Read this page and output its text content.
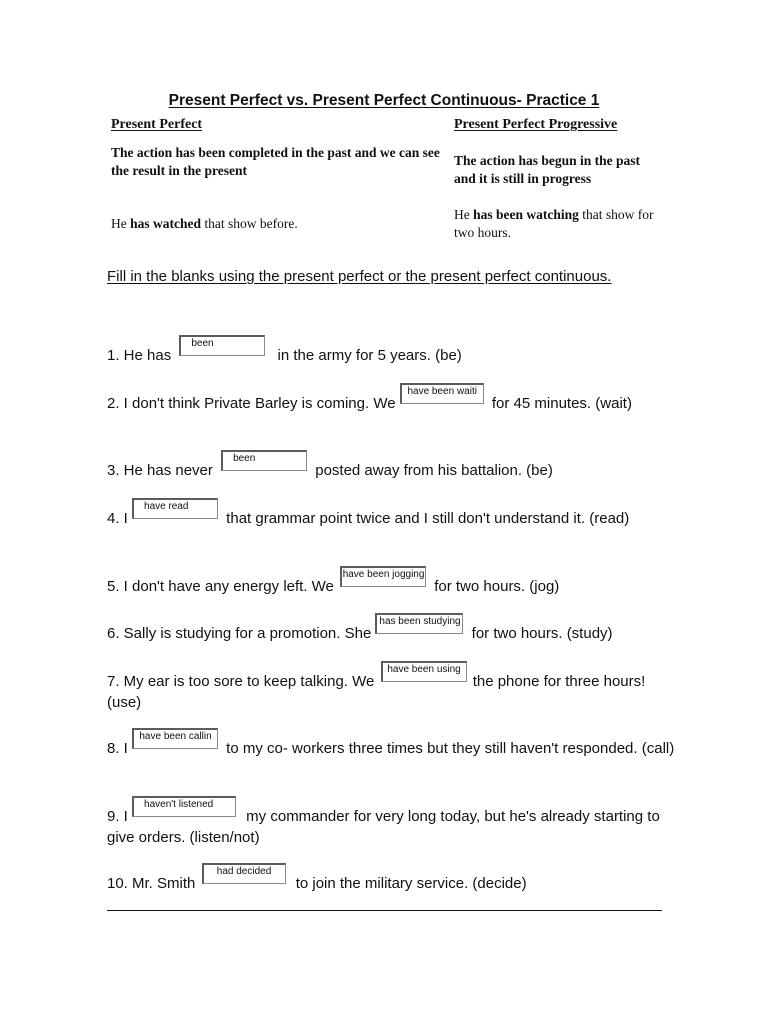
Present Perfect vs. Present Perfect Continuous- Practice 1
Present Perfect	Present Perfect Progressive
The action has been completed in the past and we can see the result in the present
The action has begun in the past and it is still in progress
He has watched that show before.
He has been watching that show for two hours.
Fill in the blanks using the present perfect or the present perfect continuous.
1. He has been in the army for 5 years. (be)
2. I don't think Private Barley is coming. We have been waiti for 45 minutes. (wait)
3. He has never been posted away from his battalion. (be)
4. I have read that grammar point twice and I still don't understand it. (read)
5. I don't have any energy left. We have been jogging for two hours. (jog)
6. Sally is studying for a promotion. She has been studying for two hours. (study)
7. My ear is too sore to keep talking. We have been using the phone for three hours! (use)
8. I have been callin to my co- workers three times but they still haven't responded. (call)
9. I haven't listened my commander for very long today, but he's already starting to give orders. (listen/not)
10. Mr. Smith had decided to join the military service. (decide)
